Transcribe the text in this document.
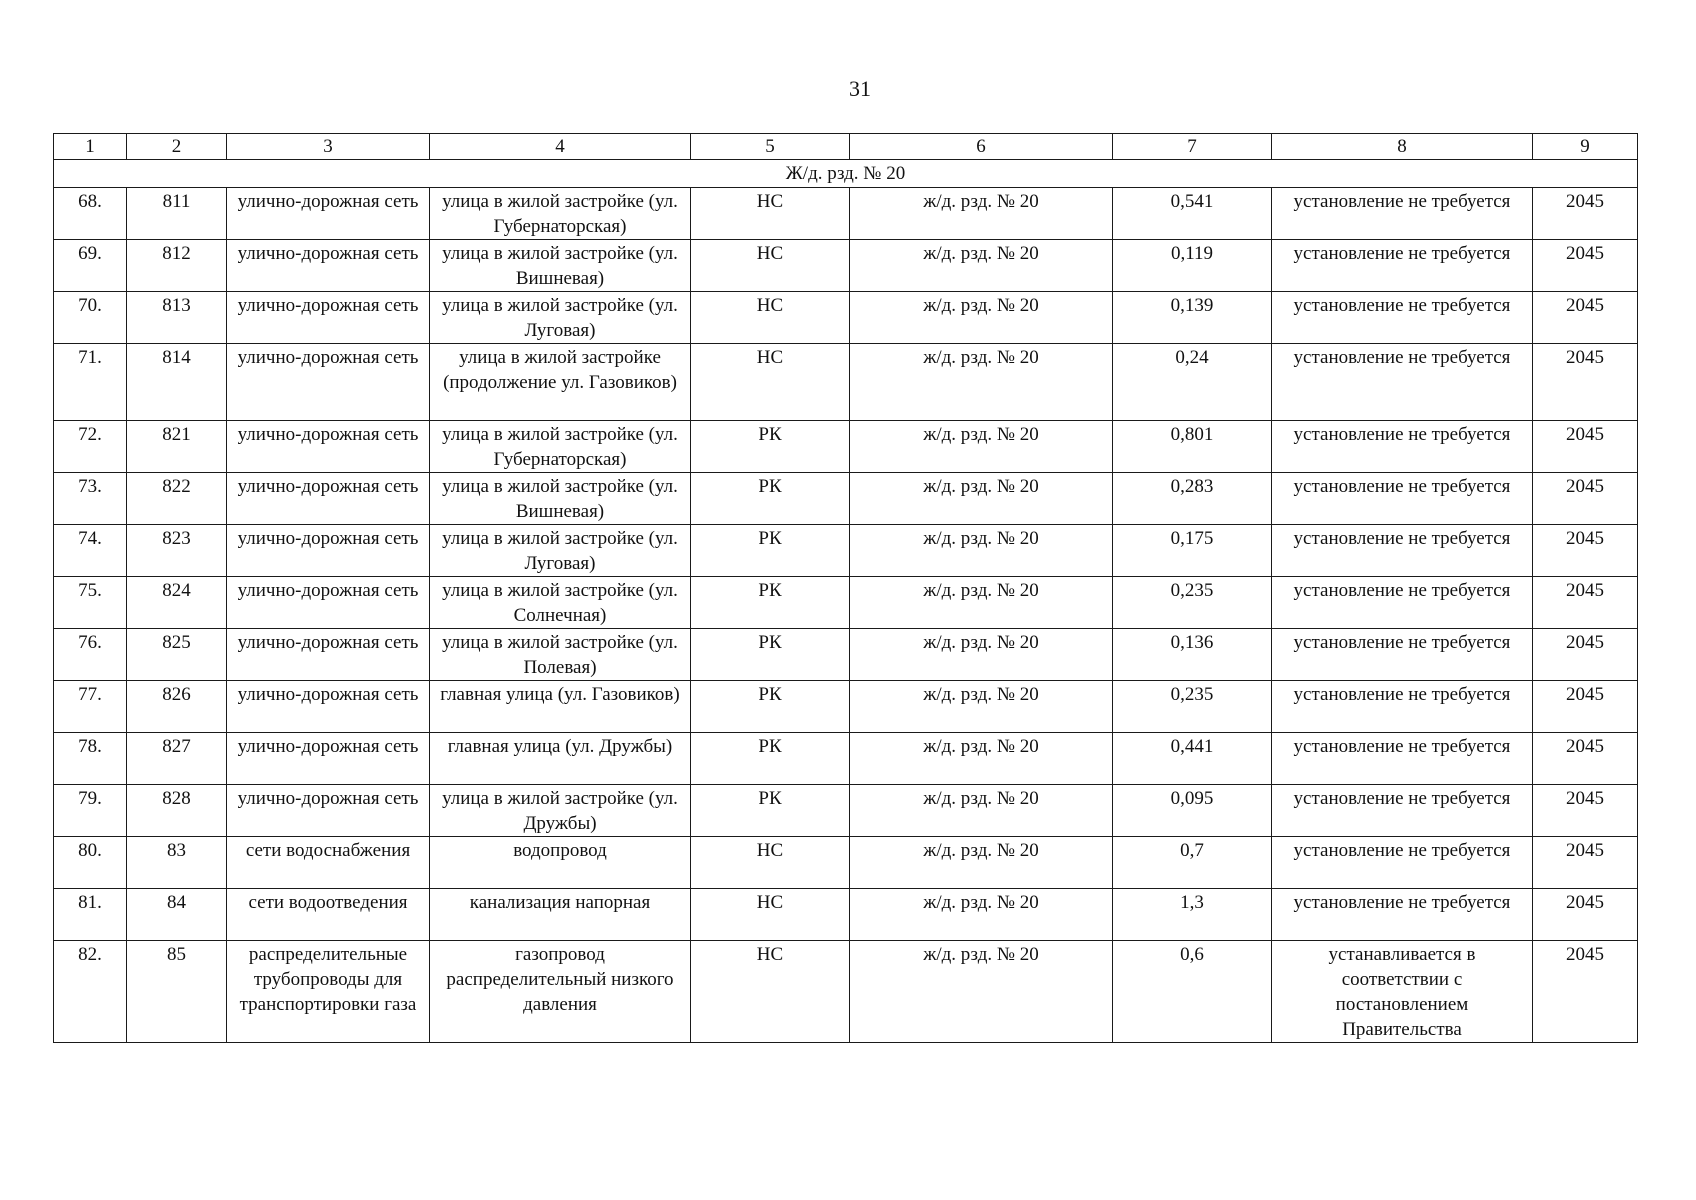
31
1	2	3	4	5	6	7	8	9
Ж/д. рзд. № 20								
68.	811	улично-дорожная сеть	улица в жилой застройке (ул. Губернаторская)	НС	ж/д. рзд. № 20	0,541	установление не требуется	2045
69.	812	улично-дорожная сеть	улица в жилой застройке (ул. Вишневая)	НС	ж/д. рзд. № 20	0,119	установление не требуется	2045
70.	813	улично-дорожная сеть	улица в жилой застройке (ул. Луговая)	НС	ж/д. рзд. № 20	0,139	установление не требуется	2045
71.	814	улично-дорожная сеть	улица в жилой застройке (продолжение ул. Газовиков)	НС	ж/д. рзд. № 20	0,24	установление не требуется	2045
72.	821	улично-дорожная сеть	улица в жилой застройке (ул. Губернаторская)	РК	ж/д. рзд. № 20	0,801	установление не требуется	2045
73.	822	улично-дорожная сеть	улица в жилой застройке (ул. Вишневая)	РК	ж/д. рзд. № 20	0,283	установление не требуется	2045
74.	823	улично-дорожная сеть	улица в жилой застройке (ул. Луговая)	РК	ж/д. рзд. № 20	0,175	установление не требуется	2045
75.	824	улично-дорожная сеть	улица в жилой застройке (ул. Солнечная)	РК	ж/д. рзд. № 20	0,235	установление не требуется	2045
76.	825	улично-дорожная сеть	улица в жилой застройке (ул. Полевая)	РК	ж/д. рзд. № 20	0,136	установление не требуется	2045
77.	826	улично-дорожная сеть	главная улица (ул. Газовиков)	РК	ж/д. рзд. № 20	0,235	установление не требуется	2045
78.	827	улично-дорожная сеть	главная улица (ул. Дружбы)	РК	ж/д. рзд. № 20	0,441	установление не требуется	2045
79.	828	улично-дорожная сеть	улица в жилой застройке (ул. Дружбы)	РК	ж/д. рзд. № 20	0,095	установление не требуется	2045
80.	83	сети водоснабжения	водопровод	НС	ж/д. рзд. № 20	0,7	установление не требуется	2045
81.	84	сети водоотведения	канализация напорная	НС	ж/д. рзд. № 20	1,3	установление не требуется	2045
82.	85	распределительные трубопроводы для транспортировки газа	газопровод распределительный низкого давления	НС	ж/д. рзд. № 20	0,6	устанавливается в соответствии с постановлением Правительства	2045
